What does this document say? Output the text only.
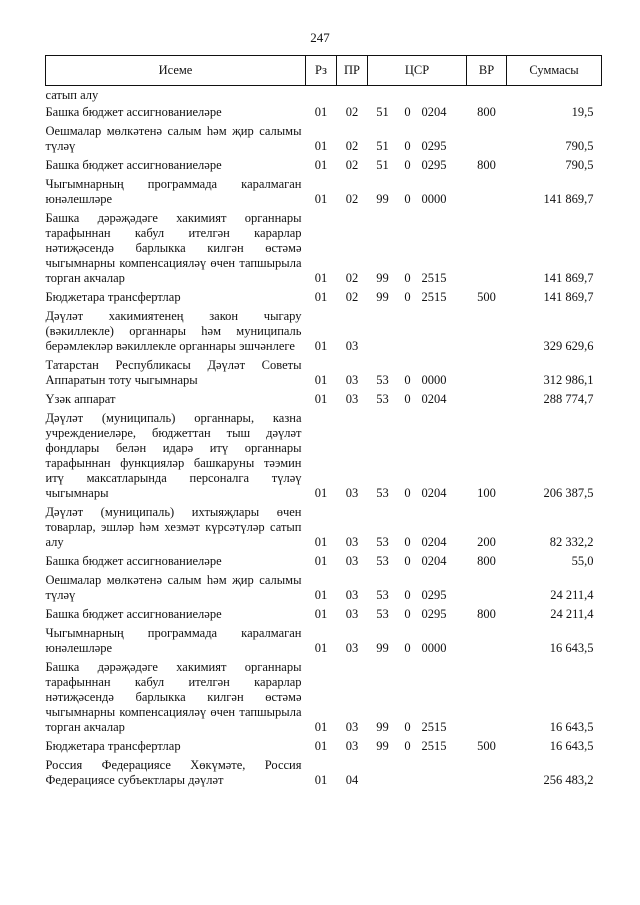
247
Исеме	Рз	ПР	ЦСР			ВР	Суммасы
сатып алу							
Башка бюджет ассигнованиеләре	01	02	51	0	0204	800	19,5
Оешмалар мөлкәтенә салым һәм җир салымы түләү	01	02	51	0	0295		790,5
Башка бюджет ассигнованиеләре	01	02	51	0	0295	800	790,5
Чыгымнарның программада каралмаган юнәлешләре	01	02	99	0	0000		141 869,7
Башка дәрәҗәдәге хакимият органнары тарафыннан кабул ителгән карарлар нәтиҗәсендә барлыкка килгән өстәмә чыгымнарны компенсацияләү өчен тапшырыла торган акчалар	01	02	99	0	2515		141 869,7
Бюджетара трансфертлар	01	02	99	0	2515	500	141 869,7
Дәүләт хакимиятенең закон чыгару (вәкиллекле) органнары һәм муниципаль берәмлекләр вәкиллекле органнары эшчәнлеге	01	03					329 629,6
Татарстан Республикасы Дәүләт Советы Аппаратын тоту чыгымнары	01	03	53	0	0000		312 986,1
Үзәк аппарат	01	03	53	0	0204		288 774,7
Дәүләт (муниципаль) органнары, казна учреждениеләре, бюджеттан тыш дәүләт фондлары белән идарә итү органнары тарафыннан функцияләр башкаруны тәэмин итү максатларында персоналга түләү чыгымнары	01	03	53	0	0204	100	206 387,5
Дәүләт (муниципаль) ихтыяҗлары өчен товарлар, эшләр һәм хезмәт күрсәтүләр сатып алу	01	03	53	0	0204	200	82 332,2
Башка бюджет ассигнованиеләре	01	03	53	0	0204	800	55,0
Оешмалар мөлкәтенә салым һәм җир салымы түләү	01	03	53	0	0295		24 211,4
Башка бюджет ассигнованиеләре	01	03	53	0	0295	800	24 211,4
Чыгымнарның программада каралмаган юнәлешләре	01	03	99	0	0000		16 643,5
Башка дәрәҗәдәге хакимият органнары тарафыннан кабул ителгән карарлар нәтиҗәсендә барлыкка килгән өстәмә чыгымнарны компенсацияләү өчен тапшырыла торган акчалар	01	03	99	0	2515		16 643,5
Бюджетара трансфертлар	01	03	99	0	2515	500	16 643,5
Россия Федерациясе Хөкүмәте, Россия Федерациясе субъектлары дәүләт	01	04					256 483,2
